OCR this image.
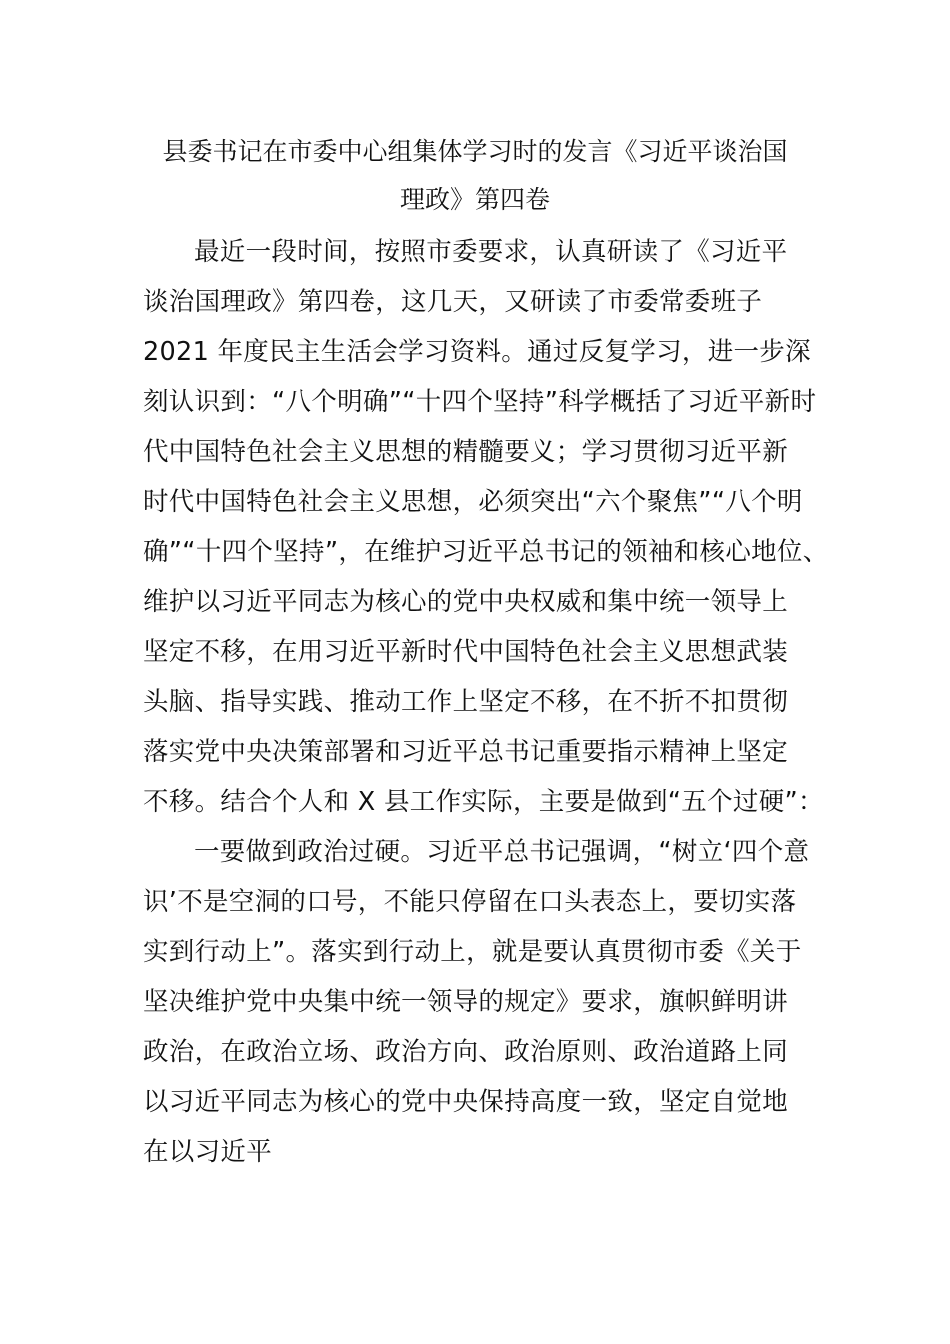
县委书记在市委中心组集体学习时的发言《习近平谈治国
理政》第四卷
最近一段时间，按照市委要求，认真研读了《习近平
谈治国理政》第四卷，这几天，又研读了市委常委班子
2021 年度民主生活会学习资料。通过反复学习，进一步深
刻认识到：“八个明确”“十四个坚持”科学概括了习近平新时
代中国特色社会主义思想的精髓要义；学习贯彻习近平新
时代中国特色社会主义思想，必须突出“六个聚焦”“八个明
确”“十四个坚持”，在维护习近平总书记的领袖和核心地位、
维护以习近平同志为核心的党中央权威和集中统一领导上
坚定不移，在用习近平新时代中国特色社会主义思想武装
头脑、指导实践、推动工作上坚定不移，在不折不扣贯彻
落实党中央决策部署和习近平总书记重要指示精神上坚定
不移。结合个人和 X 县工作实际，主要是做到“五个过硬”：
一要做到政治过硬。习近平总书记强调，“树立‘四个意
识’不是空洞的口号，不能只停留在口头表态上，要切实落
实到行动上”。落实到行动上，就是要认真贯彻市委《关于
坚决维护党中央集中统一领导的规定》要求，旗帜鲜明讲
政治，在政治立场、政治方向、政治原则、政治道路上同
以习近平同志为核心的党中央保持高度一致，坚定自觉地
在以习近平
